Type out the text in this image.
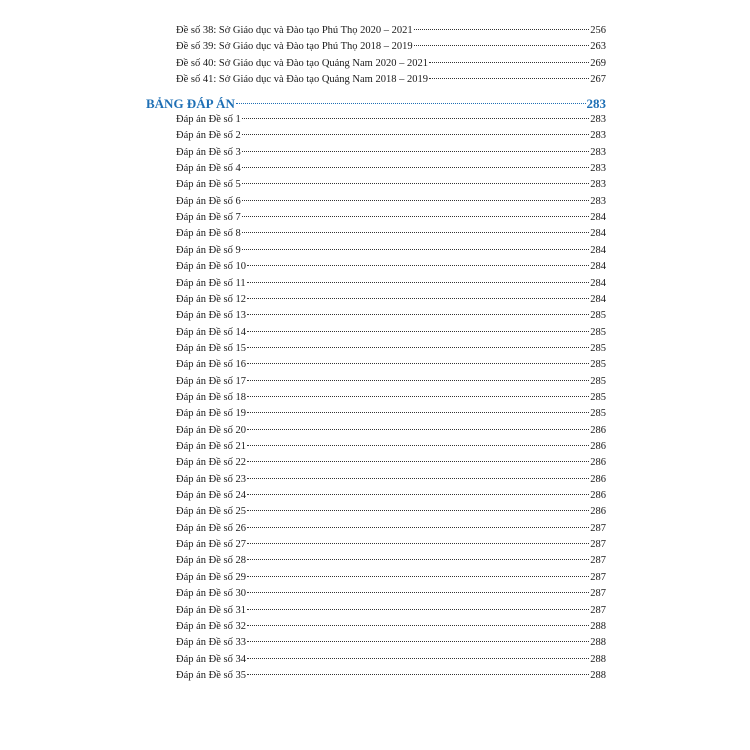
Đề số 38: Sở Giáo dục và Đào tạo Phú Thọ 2020 – 2021	256
Đề số 39: Sở Giáo dục và Đào tạo Phú Thọ 2018 – 2019	263
Đề số 40: Sở Giáo dục và Đào tạo Quảng Nam 2020 – 2021	269
Đề số 41: Sở Giáo dục và Đào tạo Quảng Nam 2018 – 2019	267
BẢNG ĐÁP ÁN	283
Đáp án Đề số 1	283
Đáp án Đề số 2	283
Đáp án Đề số 3	283
Đáp án Đề số 4	283
Đáp án Đề số 5	283
Đáp án Đề số 6	283
Đáp án Đề số 7	284
Đáp án Đề số 8	284
Đáp án Đề số 9	284
Đáp án Đề số 10	284
Đáp án Đề số 11	284
Đáp án Đề số 12	284
Đáp án Đề số 13	285
Đáp án Đề số 14	285
Đáp án Đề số 15	285
Đáp án Đề số 16	285
Đáp án Đề số 17	285
Đáp án Đề số 18	285
Đáp án Đề số 19	285
Đáp án Đề số 20	286
Đáp án Đề số 21	286
Đáp án Đề số 22	286
Đáp án Đề số 23	286
Đáp án Đề số 24	286
Đáp án Đề số 25	286
Đáp án Đề số 26	287
Đáp án Đề số 27	287
Đáp án Đề số 28	287
Đáp án Đề số 29	287
Đáp án Đề số 30	287
Đáp án Đề số 31	287
Đáp án Đề số 32	288
Đáp án Đề số 33	288
Đáp án Đề số 34	288
Đáp án Đề số 35	288
